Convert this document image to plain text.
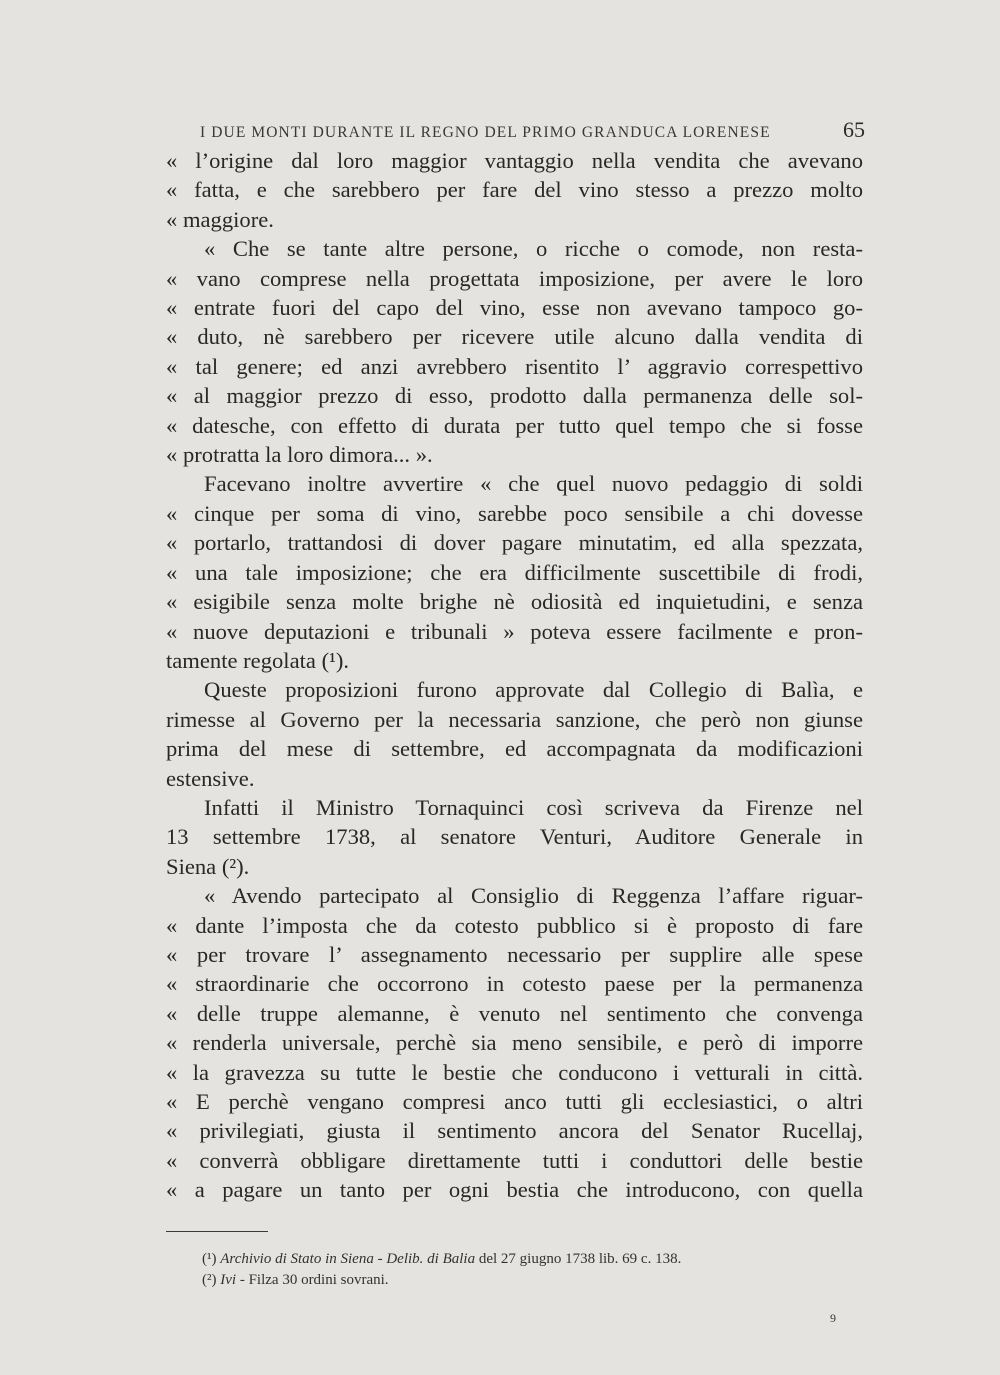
I DUE MONTI DURANTE IL REGNO DEL PRIMO GRANDUCA LORENESE	65
« l’origine dal loro maggior vantaggio nella vendita che avevano
« fatta, e che sarebbero per fare del vino stesso a prezzo molto
« maggiore.
« Che se tante altre persone, o ricche o comode, non resta-
« vano comprese nella progettata imposizione, per avere le loro
« entrate fuori del capo del vino, esse non avevano tampoco go-
« duto, nè sarebbero per ricevere utile alcuno dalla vendita di
« tal genere; ed anzi avrebbero risentito l’ aggravio correspettivo
« al maggior prezzo di esso, prodotto dalla permanenza delle sol-
« datesche, con effetto di durata per tutto quel tempo che si fosse
« protratta la loro dimora... ».
Facevano inoltre avvertire « che quel nuovo pedaggio di soldi
« cinque per soma di vino, sarebbe poco sensibile a chi dovesse
« portarlo, trattandosi di dover pagare minutatim, ed alla spezzata,
« una tale imposizione; che era difficilmente suscettibile di frodi,
« esigibile senza molte brighe nè odiosità ed inquietudini, e senza
« nuove deputazioni e tribunali » poteva essere facilmente e pron-
tamente regolata (¹).
Queste proposizioni furono approvate dal Collegio di Balìa, e
rimesse al Governo per la necessaria sanzione, che però non giunse
prima del mese di settembre, ed accompagnata da modificazioni
estensive.
Infatti il Ministro Tornaquinci così scriveva da Firenze nel
13 settembre 1738, al senatore Venturi, Auditore Generale in
Siena (²).
« Avendo partecipato al Consiglio di Reggenza l’affare riguar-
« dante l’imposta che da cotesto pubblico si è proposto di fare
« per trovare l’ assegnamento necessario per supplire alle spese
« straordinarie che occorrono in cotesto paese per la permanenza
« delle truppe alemanne, è venuto nel sentimento che convenga
« renderla universale, perchè sia meno sensibile, e però di imporre
« la gravezza su tutte le bestie che conducono i vetturali in città.
« E perchè vengano compresi anco tutti gli ecclesiastici, o altri
« privilegiati, giusta il sentimento ancora del Senator Rucellaj,
« converrà obbligare direttamente tutti i conduttori delle bestie
« a pagare un tanto per ogni bestia che introducono, con quella
(¹) Archivio di Stato in Siena - Delib. di Balia del 27 giugno 1738 lib. 69 c. 138.
(²) Ivi - Filza 30 ordini sovrani.
9
